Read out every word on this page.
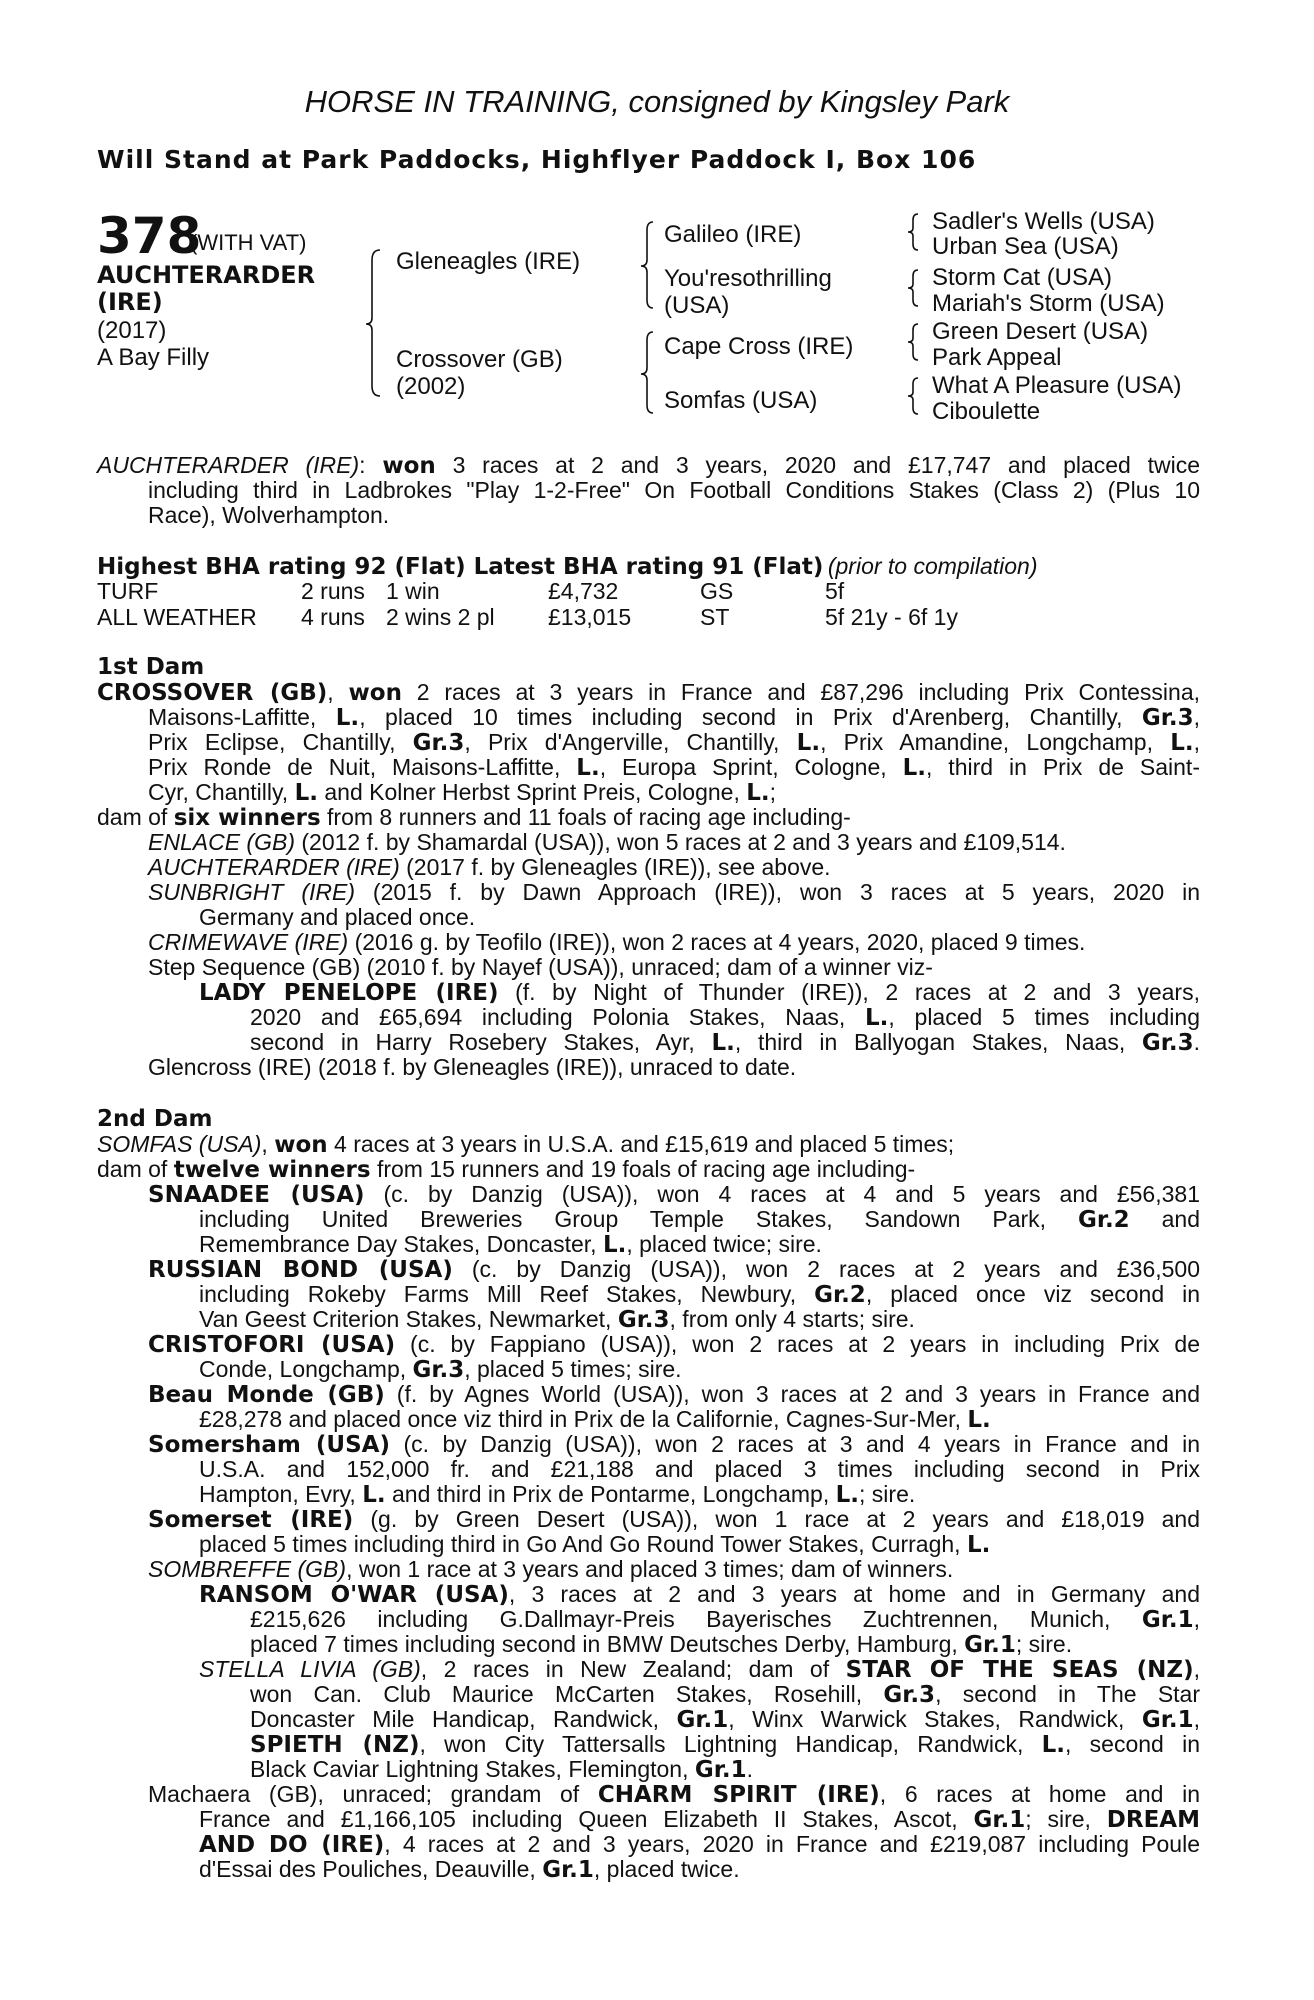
HORSE IN TRAINING, consigned by Kingsley Park
Will Stand at Park Paddocks, Highflyer Paddock I, Box 106
378
(WITH VAT)
AUCHTERARDER
(IRE)
(2017)
A Bay Filly
Gleneagles (IRE)
Crossover (GB)
(2002)
Galileo (IRE)
You'resothrilling
(USA)
Cape Cross (IRE)
Somfas (USA)
Sadler's Wells (USA)
Urban Sea (USA)
Storm Cat (USA)
Mariah's Storm (USA)
Green Desert (USA)
Park Appeal
What A Pleasure (USA)
Ciboulette
AUCHTERARDER (IRE): won 3 races at 2 and 3 years, 2020 and £17,747 and placed twice
including third in Ladbrokes "Play 1-2-Free" On Football Conditions Stakes (Class 2) (Plus 10
Race), Wolverhampton.
Highest BHA rating 92 (Flat) Latest BHA rating 91 (Flat) (prior to compilation)
TURF	2 runs 1 win	£4,732	GS	5f
ALL WEATHER 4 runs 2 wins 2 pl £13,015	ST	5f 21y - 6f 1y
1st Dam
CROSSOVER (GB), won 2 races at 3 years in France and £87,296 including Prix Contessina,
Maisons-Laffitte, L., placed 10 times including second in Prix d'Arenberg, Chantilly, Gr.3,
Prix Eclipse, Chantilly, Gr.3, Prix d'Angerville, Chantilly, L., Prix Amandine, Longchamp, L.,
Prix Ronde de Nuit, Maisons-Laffitte, L., Europa Sprint, Cologne, L., third in Prix de Saint-
Cyr, Chantilly, L. and Kolner Herbst Sprint Preis, Cologne, L.;
dam of six winners from 8 runners and 11 foals of racing age including-
ENLACE (GB) (2012 f. by Shamardal (USA)), won 5 races at 2 and 3 years and £109,514.
AUCHTERARDER (IRE) (2017 f. by Gleneagles (IRE)), see above.
SUNBRIGHT (IRE) (2015 f. by Dawn Approach (IRE)), won 3 races at 5 years, 2020 in
Germany and placed once.
CRIMEWAVE (IRE) (2016 g. by Teofilo (IRE)), won 2 races at 4 years, 2020, placed 9 times.
Step Sequence (GB) (2010 f. by Nayef (USA)), unraced; dam of a winner viz-
LADY PENELOPE (IRE) (f. by Night of Thunder (IRE)), 2 races at 2 and 3 years,
2020 and £65,694 including Polonia Stakes, Naas, L., placed 5 times including
second in Harry Rosebery Stakes, Ayr, L., third in Ballyogan Stakes, Naas, Gr.3.
Glencross (IRE) (2018 f. by Gleneagles (IRE)), unraced to date.
2nd Dam
SOMFAS (USA), won 4 races at 3 years in U.S.A. and £15,619 and placed 5 times;
dam of twelve winners from 15 runners and 19 foals of racing age including-
SNAADEE (USA) (c. by Danzig (USA)), won 4 races at 4 and 5 years and £56,381
including United Breweries Group Temple Stakes, Sandown Park, Gr.2 and
Remembrance Day Stakes, Doncaster, L., placed twice; sire.
RUSSIAN BOND (USA) (c. by Danzig (USA)), won 2 races at 2 years and £36,500
including Rokeby Farms Mill Reef Stakes, Newbury, Gr.2, placed once viz second in
Van Geest Criterion Stakes, Newmarket, Gr.3, from only 4 starts; sire.
CRISTOFORI (USA) (c. by Fappiano (USA)), won 2 races at 2 years in including Prix de
Conde, Longchamp, Gr.3, placed 5 times; sire.
Beau Monde (GB) (f. by Agnes World (USA)), won 3 races at 2 and 3 years in France and
£28,278 and placed once viz third in Prix de la Californie, Cagnes-Sur-Mer, L.
Somersham (USA) (c. by Danzig (USA)), won 2 races at 3 and 4 years in France and in
U.S.A. and 152,000 fr. and £21,188 and placed 3 times including second in Prix
Hampton, Evry, L. and third in Prix de Pontarme, Longchamp, L.; sire.
Somerset (IRE) (g. by Green Desert (USA)), won 1 race at 2 years and £18,019 and
placed 5 times including third in Go And Go Round Tower Stakes, Curragh, L.
SOMBREFFE (GB), won 1 race at 3 years and placed 3 times; dam of winners.
RANSOM O'WAR (USA), 3 races at 2 and 3 years at home and in Germany and
£215,626 including G.Dallmayr-Preis Bayerisches Zuchtrennen, Munich, Gr.1,
placed 7 times including second in BMW Deutsches Derby, Hamburg, Gr.1; sire.
STELLA LIVIA (GB), 2 races in New Zealand; dam of STAR OF THE SEAS (NZ),
won Can. Club Maurice McCarten Stakes, Rosehill, Gr.3, second in The Star
Doncaster Mile Handicap, Randwick, Gr.1, Winx Warwick Stakes, Randwick, Gr.1,
SPIETH (NZ), won City Tattersalls Lightning Handicap, Randwick, L., second in
Black Caviar Lightning Stakes, Flemington, Gr.1.
Machaera (GB), unraced; grandam of CHARM SPIRIT (IRE), 6 races at home and in
France and £1,166,105 including Queen Elizabeth II Stakes, Ascot, Gr.1; sire, DREAM
AND DO (IRE), 4 races at 2 and 3 years, 2020 in France and £219,087 including Poule
d'Essai des Pouliches, Deauville, Gr.1, placed twice.
